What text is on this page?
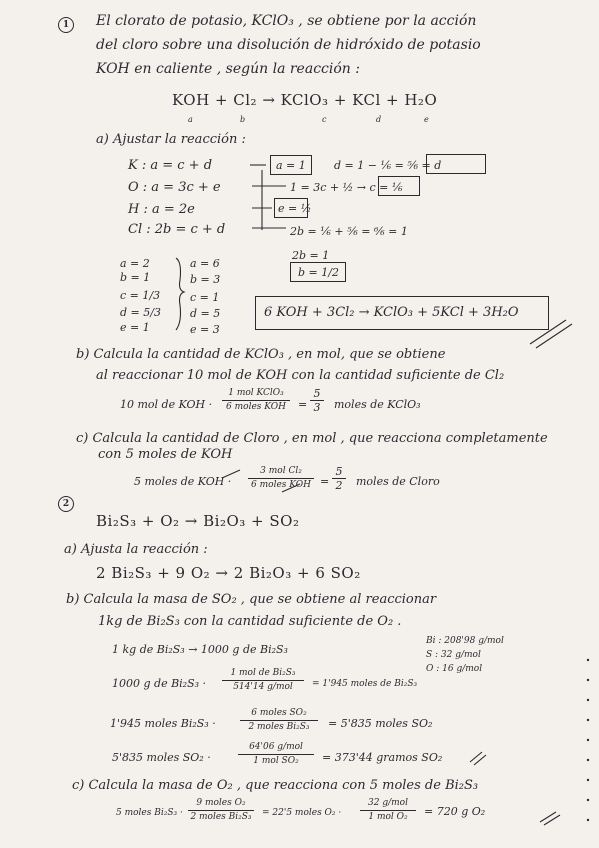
1	El clorato de potasio, KClO₃ , se obtiene por la acción
del cloro sobre una disolución de hidróxido de potasio
KOH en caliente , según la reacción :
KOH + Cl₂ → KClO₃ + KCl + H₂O
a	b	c	d	e
a) Ajustar la reacción :
K : a = c + d
O : a = 3c + e
H : a = 2e
Cl : 2b = c + d
a = 1	d = 1 − ⅙ = ⁵⁄₆ = d
1 = 3c + ½ → c = ⅙
e = ½
2b = ⅙ + ⁵⁄₆ = ⁶⁄₆ = 1
2b = 1
b = 1/2
a = 2
b = 1
c = 1/3
d = 5/3
e = 1
a = 6
b = 3
c = 1
d = 5
e = 3
6 KOH + 3Cl₂ → KClO₃ + 5KCl + 3H₂O
b) Calcula la cantidad de KClO₃ , en mol, que se obtiene
al reaccionar 10 mol de KOH con la cantidad suficiente de Cl₂
10 mol de KOH ·
1 mol KClO₃
6 moles KOH	= $\frac{5}{3}$ moles de KClO₃
c) Calcula la cantidad de Cloro , en mol , que reacciona completamente
con 5 moles de KOH
5 moles de KOH ·
3 mol Cl₂
6 moles KOH = $\frac{5}{2}$ moles de Cloro
2
Bi₂S₃ + O₂ → Bi₂O₃ + SO₂
a) Ajusta la reacción :
2 Bi₂S₃ + 9 O₂ → 2 Bi₂O₃ + 6 SO₂
b) Calcula la masa de SO₂ , que se obtiene al reaccionar
1kg de Bi₂S₃ con la cantidad suficiente de O₂ .
1 kg de Bi₂S₃ → 1000 g de Bi₂S₃
Bi : 208'98 g/mol
S : 32 g/mol
O : 16 g/mol
1000 g de Bi₂S₃ ·
1 mol de Bi₂S₃
514'14 g/mol	= 1'945 moles de Bi₂S₃
1'945 moles Bi₂S₃ ·
6 moles SO₂
2 moles Bi₂S₃	= 5'835 moles SO₂
5'835 moles SO₂ ·
64'06 g/mol
1 mol SO₂	= 373'44 gramos SO₂
c) Calcula la masa de O₂ , que reacciona con 5 moles de Bi₂S₃
5 moles Bi₂S₃ ·
9 moles O₂
2 moles Bi₂S₃ = 22'5 moles O₂ ·
32 g/mol
1 mol O₂	= 720 g O₂
